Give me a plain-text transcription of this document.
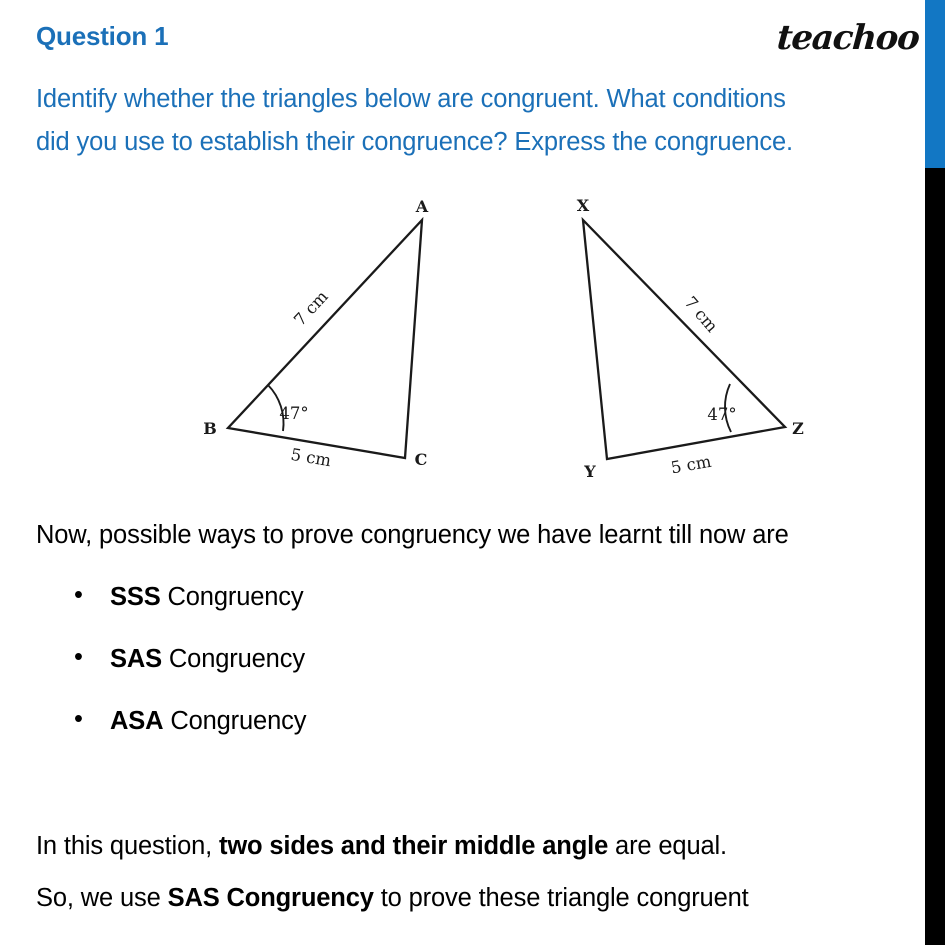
Question 1	teachoo
Identify whether the triangles below are congruent. What conditions
did you use to establish their congruence? Express the congruence.
A
B
C
7 cm
5 cm
47°
X
Y
Z
7 cm
5 cm
47°
Now, possible ways to prove congruency we have learnt till now are
• SSS Congruency
• SAS Congruency
• ASA Congruency
In this question, two sides and their middle angle are equal.
So, we use SAS Congruency to prove these triangle congruent
